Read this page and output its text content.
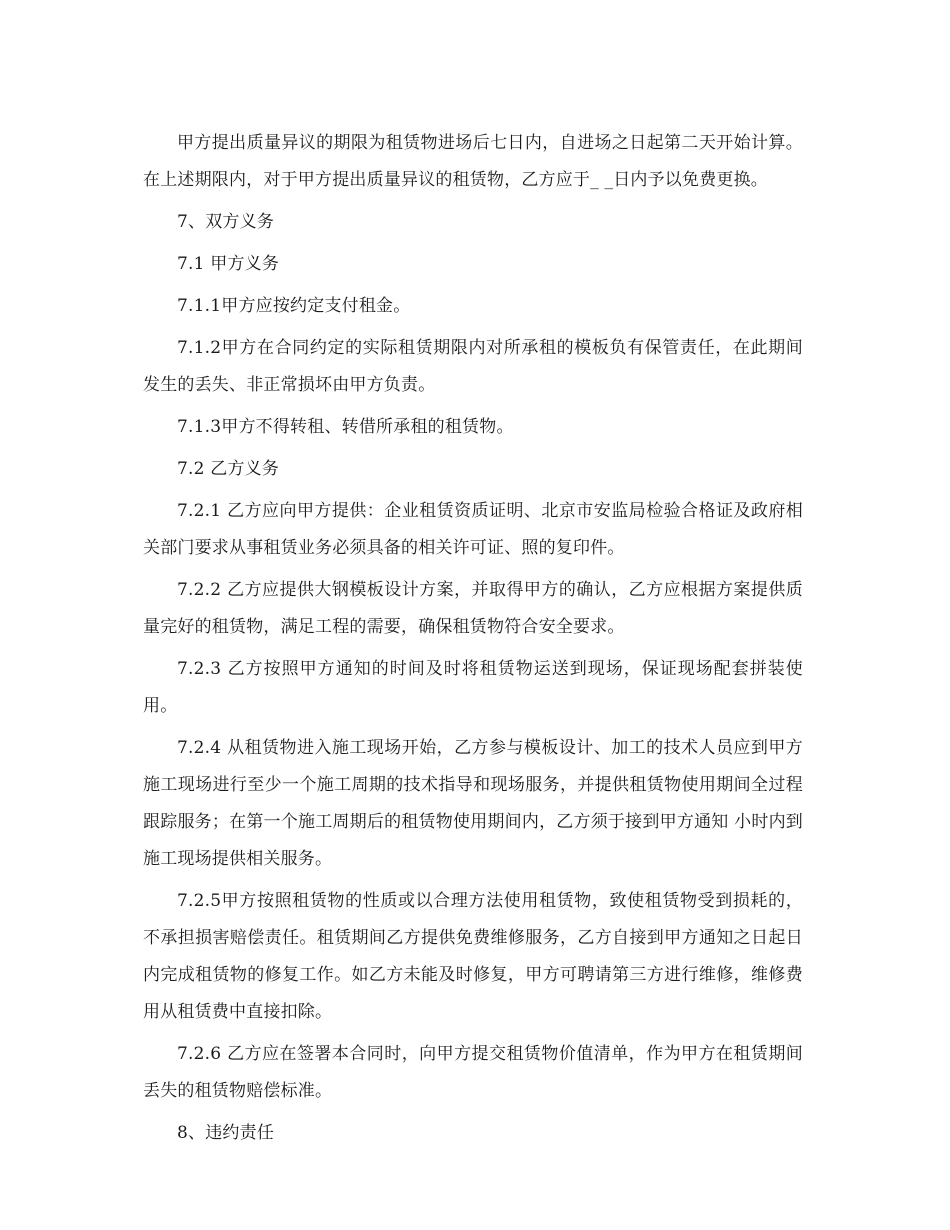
甲方提出质量异议的期限为租赁物进场后七日内，自进场之日起第二天开始计算。在上述期限内，对于甲方提出质量异议的租赁物，乙方应于_ _日内予以免费更换。

7、双方义务

7.1 甲方义务

7.1.1甲方应按约定支付租金。

7.1.2甲方在合同约定的实际租赁期限内对所承租的模板负有保管责任，在此期间发生的丢失、非正常损坏由甲方负责。

7.1.3甲方不得转租、转借所承租的租赁物。

7.2 乙方义务

7.2.1 乙方应向甲方提供：企业租赁资质证明、北京市安监局检验合格证及政府相关部门要求从事租赁业务必须具备的相关许可证、照的复印件。

7.2.2 乙方应提供大钢模板设计方案，并取得甲方的确认，乙方应根据方案提供质量完好的租赁物，满足工程的需要，确保租赁物符合安全要求。

7.2.3 乙方按照甲方通知的时间及时将租赁物运送到现场，保证现场配套拼装使用。

7.2.4 从租赁物进入施工现场开始，乙方参与模板设计、加工的技术人员应到甲方施工现场进行至少一个施工周期的技术指导和现场服务，并提供租赁物使用期间全过程跟踪服务；在第一个施工周期后的租赁物使用期间内，乙方须于接到甲方通知 小时内到施工现场提供相关服务。

7.2.5甲方按照租赁物的性质或以合理方法使用租赁物，致使租赁物受到损耗的，不承担损害赔偿责任。租赁期间乙方提供免费维修服务，乙方自接到甲方通知之日起日内完成租赁物的修复工作。如乙方未能及时修复，甲方可聘请第三方进行维修，维修费用从租赁费中直接扣除。

7.2.6 乙方应在签署本合同时，向甲方提交租赁物价值清单，作为甲方在租赁期间丢失的租赁物赔偿标准。

8、违约责任
